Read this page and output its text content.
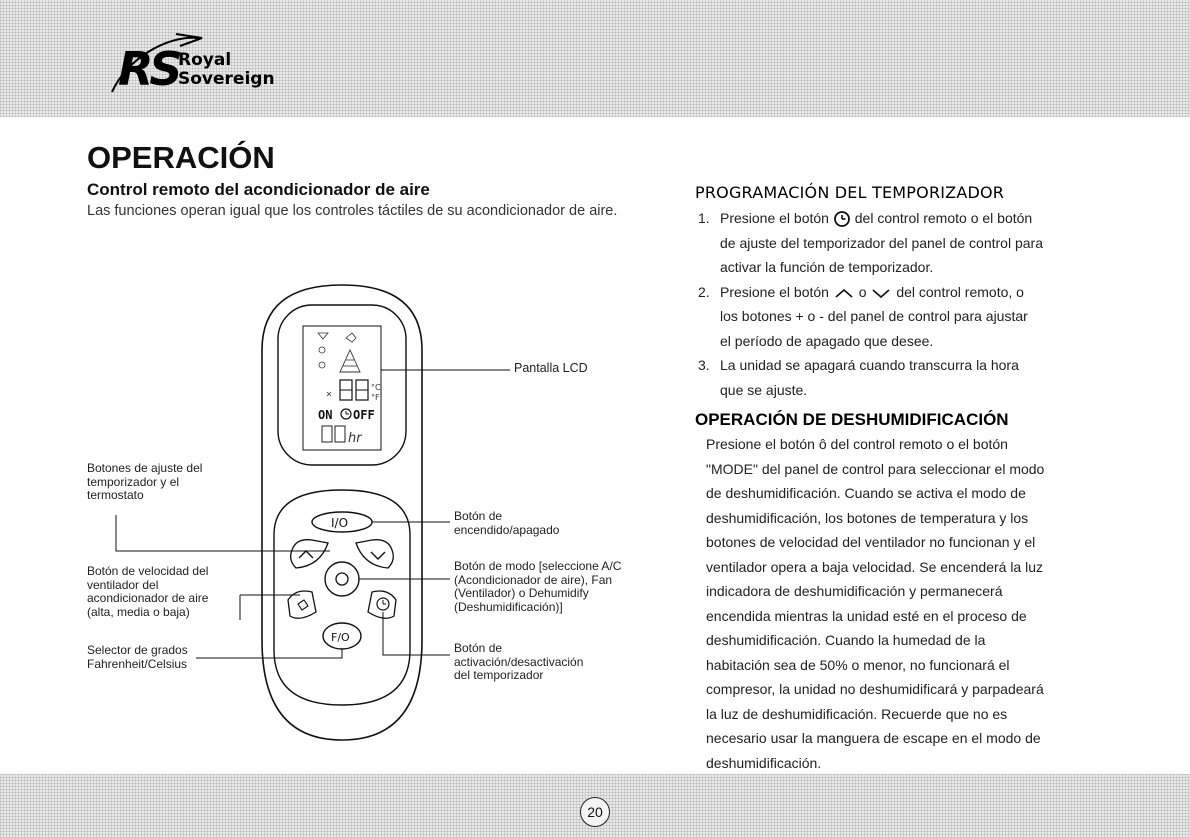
RS Royal
Sovereign
OPERACIÓN
Control remoto del acondicionador de aire

Las funciones operan igual que los controles táctiles de su acondicionador de aire.

°C
°F
ON OFF
hr
I/O
F/O
Pantalla LCD
Botones de ajuste del
temporizador y el
termostato
Botón de velocidad del
ventilador del
acondicionador de aire
(alta, media o baja)
Selector de grados
Fahrenheit/Celsius
Botón de
encendido/apagado
Botón de modo [seleccione A/C
(Acondicionador de aire), Fan
(Ventilador) o Dehumidify
(Deshumidificación)]
Botón de
activación/desactivación
del temporizador
PROGRAMACIÓN DEL TEMPORIZADOR
1. Presione el botón del control remoto o el botón
de ajuste del temporizador del panel de control para
activar la función de temporizador.
2. Presione el botón o del control remoto, o
los botones + o - del panel de control para ajustar
el período de apagado que desee.
3. La unidad se apagará cuando transcurra la hora
que se ajuste.
OPERACIÓN DE DESHUMIDIFICACIÓN

Presione el botón ô del control remoto o el botón

"MODE" del panel de control para seleccionar el modo

de deshumidificación. Cuando se activa el modo de

deshumidificación, los botones de temperatura y los

botones de velocidad del ventilador no funcionan y el

ventilador opera a baja velocidad. Se encenderá la luz

indicadora de deshumidificación y permanecerá

encendida mientras la unidad esté en el proceso de

deshumidificación. Cuando la humedad de la

habitación sea de 50% o menor, no funcionará el

compresor, la unidad no deshumidificará y parpadeará

la luz de deshumidificación. Recuerde que no es

necesario usar la manguera de escape en el modo de

deshumidificación.

20
